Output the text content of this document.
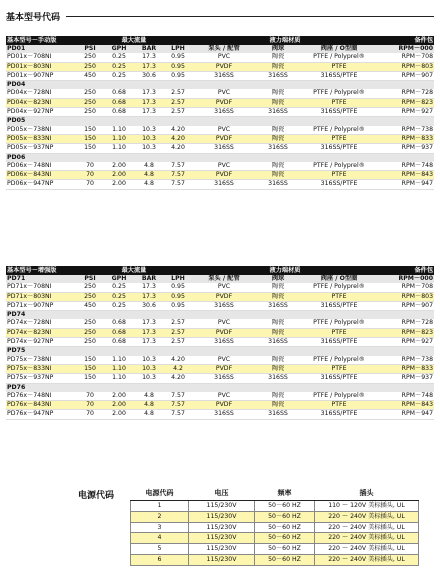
基本型号代码
基本型号－手动版	最大流量				液力端材质			备件包
PD01	PSI	GPH	BAR	LPH	泵头 / 配管	阀球	阀座 / O型圈	RPM－000
PD01x－708NI	250	0.25	17.3	0.95	PVC	陶瓷	PTFE / Polyprel®	RPM－708
PD01x－803NI	250	0.25	17.3	0.95	PVDF	陶瓷	PTFE	RPM－803
PD01x－907NP	450	0.25	30.6	0.95	316SS	316SS	316SS/PTFE	RPM－907
PD04								
PD04x－728NI	250	0.68	17.3	2.57	PVC	陶瓷	PTFE / Polyprel®	RPM－728
PD04x－823NI	250	0.68	17.3	2.57	PVDF	陶瓷	PTFE	RPM－823
PD04x－927NP	250	0.68	17.3	2.57	316SS	316SS	316SS/PTFE	RPM－927
PD05								
PD05x－738NI	150	1.10	10.3	4.20	PVC	陶瓷	PTFE / Polyprel®	RPM－738
PD05x－833NI	150	1.10	10.3	4.20	PVDF	陶瓷	PTFE	RPM－833
PD05x－937NP	150	1.10	10.3	4.20	316SS	316SS	316SS/PTFE	RPM－937
PD06								
PD06x－748NI	70	2.00	4.8	7.57	PVC	陶瓷	PTFE / Polyprel®	RPM－748
PD06x－843NI	70	2.00	4.8	7.57	PVDF	陶瓷	PTFE	RPM－843
PD06x－947NP	70	2.00	4.8	7.57	316SS	316SS	316SS/PTFE	RPM－947
基本型号－增强版	最大流量				液力端材质			备件包
PD71	PSI	GPH	BAR	LPH	泵头 / 配管	阀球	阀座 / O型圈	RPM－000
PD71x－708NI	250	0.25	17.3	0.95	PVC	陶瓷	PTFE / Polyprel®	RPM－708
PD71x－803NI	250	0.25	17.3	0.95	PVDF	陶瓷	PTFE	RPM－803
PD71x－907NP	450	0.25	30.6	0.95	316SS	316SS	316SS/PTFE	RPM－907
PD74								
PD74x－728NI	250	0.68	17.3	2.57	PVC	陶瓷	PTFE / Polyprel®	RPM－728
PD74x－823NI	250	0.68	17.3	2.57	PVDF	陶瓷	PTFE	RPM－823
PD74x－927NP	250	0.68	17.3	2.57	316SS	316SS	316SS/PTFE	RPM－927
PD75								
PD75x－738NI	150	1.10	10.3	4.20	PVC	陶瓷	PTFE / Polyprel®	RPM－738
PD75x－833NI	150	1.10	10.3	4.2	PVDF	陶瓷	PTFE	RPM－833
PD75x－937NP	150	1.10	10.3	4.20	316SS	316SS	316SS/PTFE	RPM－937
PD76								
PD76x－748NI	70	2.00	4.8	7.57	PVC	陶瓷	PTFE / Polyprel®	RPM－748
PD76x－843NI	70	2.00	4.8	7.57	PVDF	陶瓷	PTFE	RPM－843
PD76x－947NP	70	2.00	4.8	7.57	316SS	316SS	316SS/PTFE	RPM－947
电源代码	电源代码	电压	频率	插头
1	115/230V	50－60 HZ	110 ～ 120V 美标插头, UL
2	115/230V	50－60 HZ	220 ～ 240V 美标插头, UL
3	115/230V	50－60 HZ	220 ～ 240V 美标插头, UL
4	115/230V	50－60 HZ	220 ～ 240V 美标插头, UL
5	115/230V	50－60 HZ	220 ～ 240V 美标插头, UL
6	115/230V	50－60 HZ	220 ～ 240V 美标插头, UL
